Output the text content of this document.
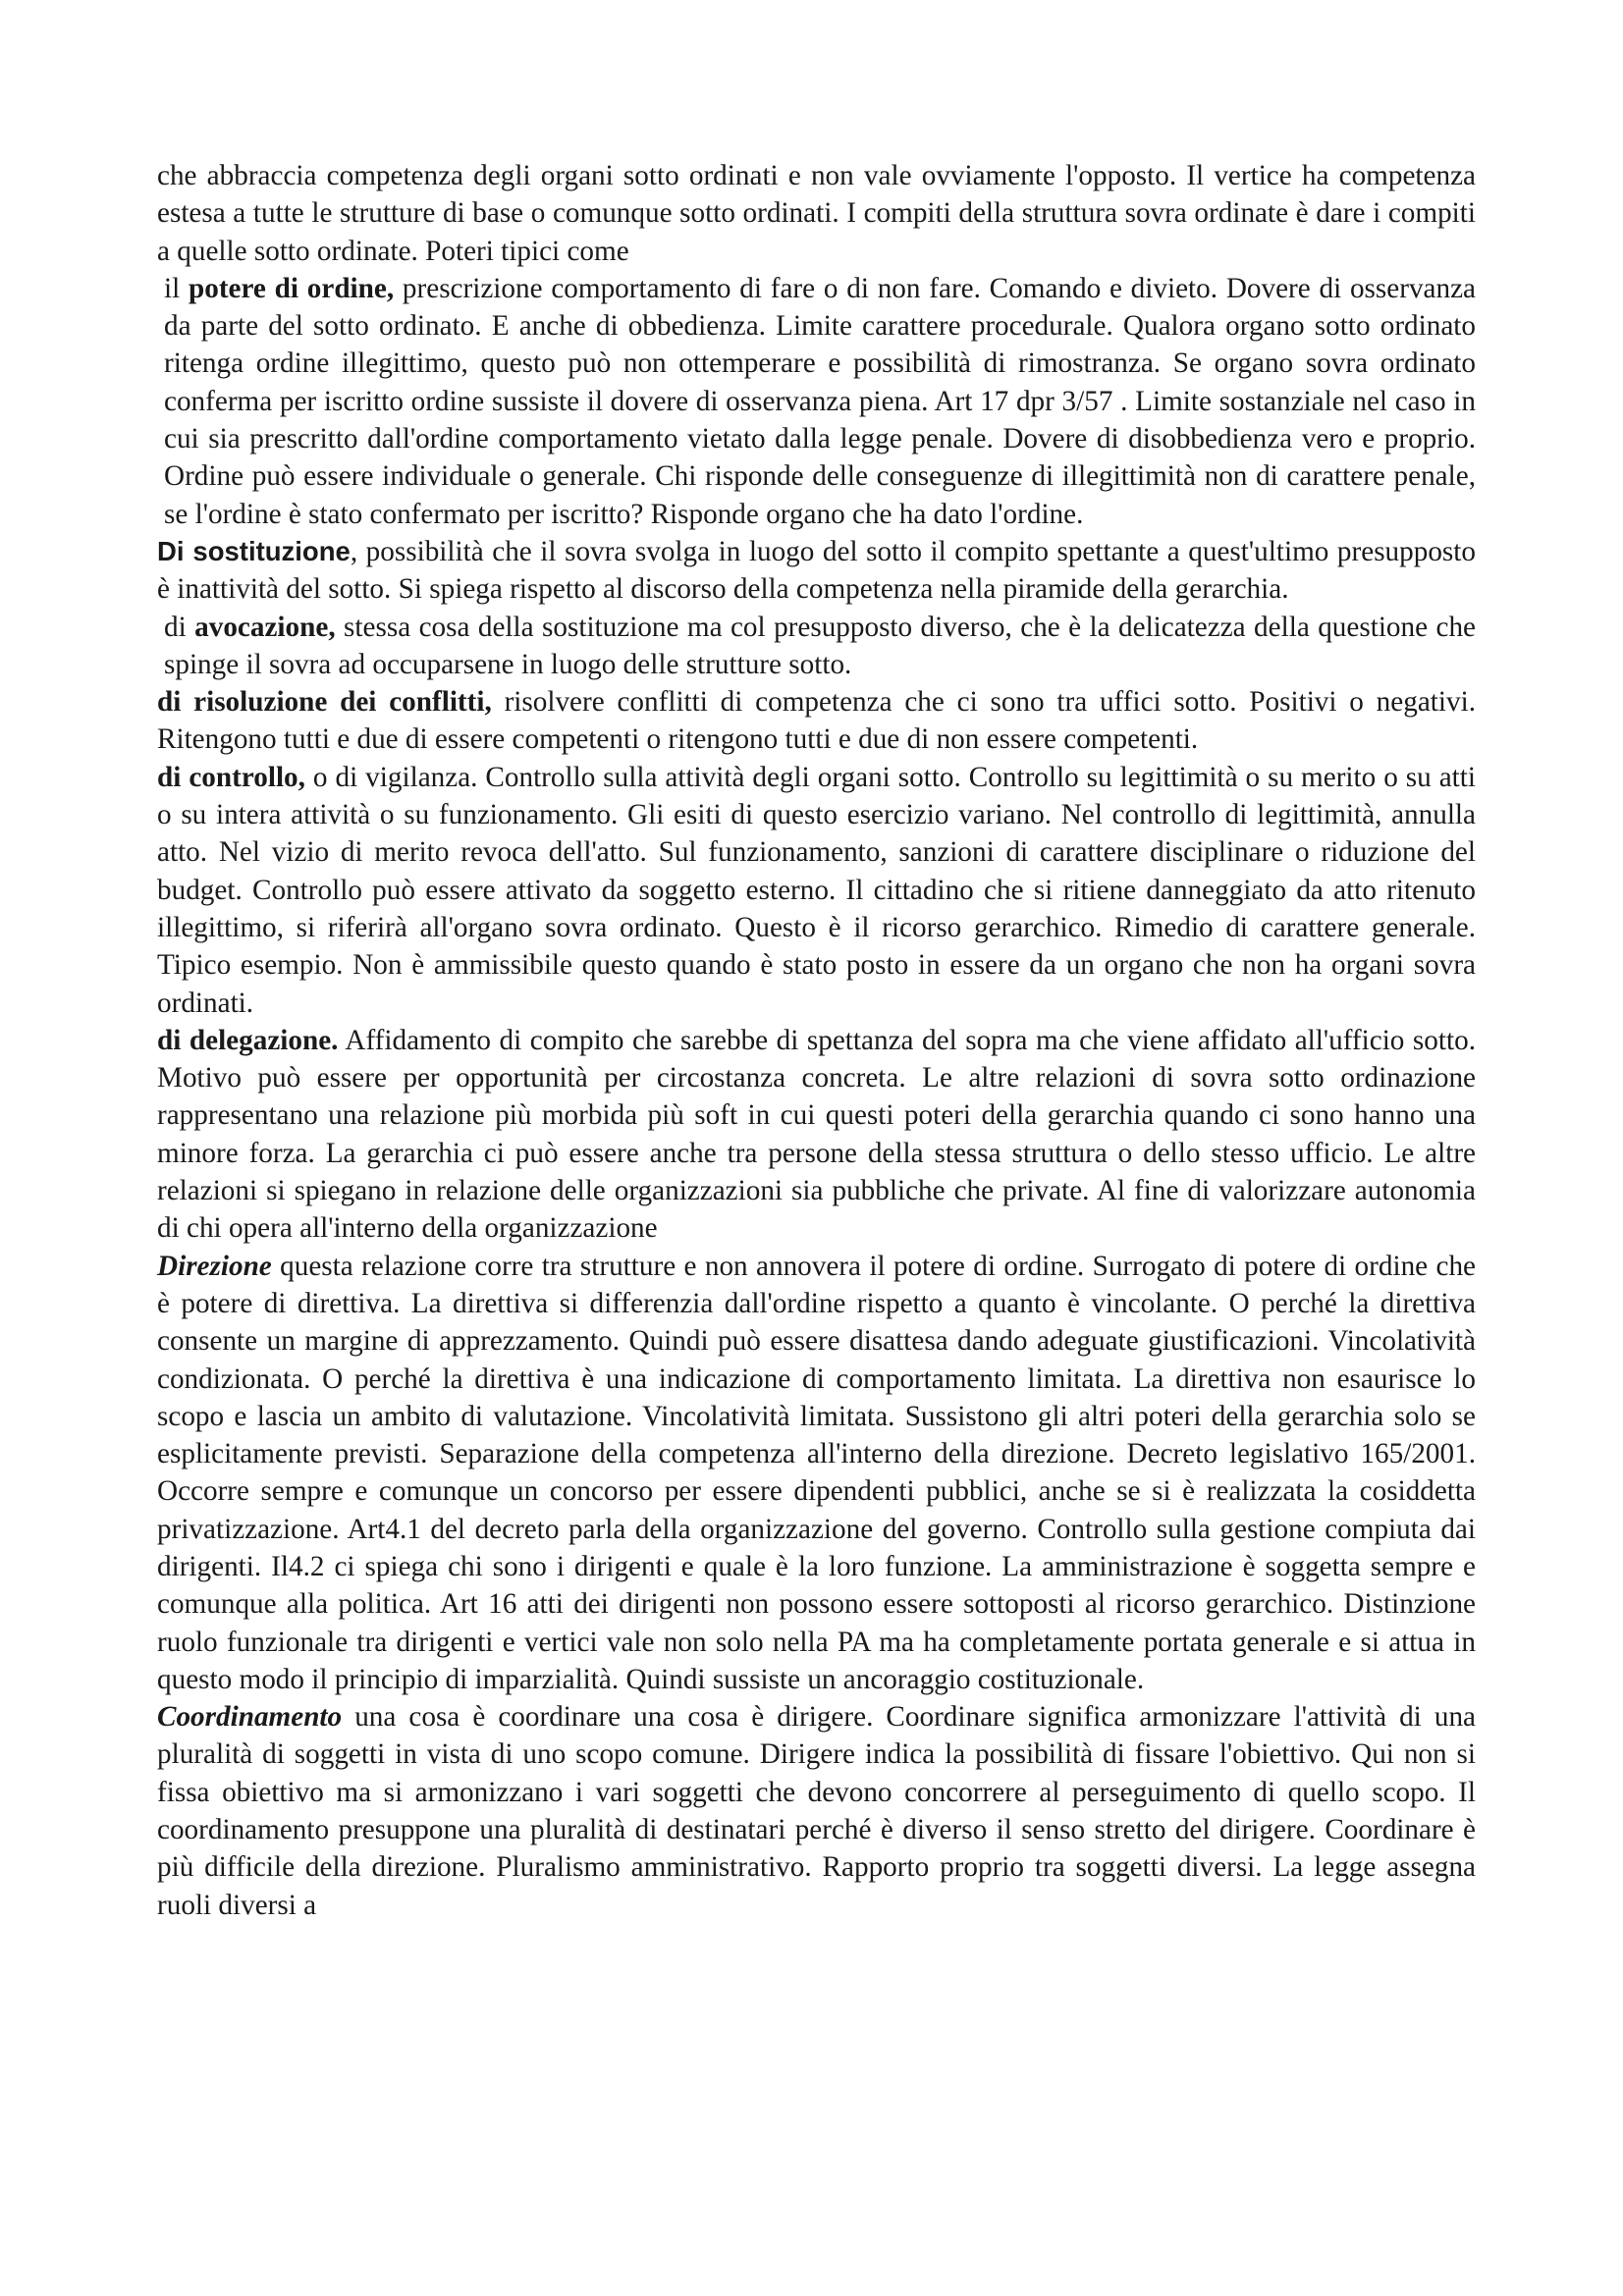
che abbraccia competenza degli organi sotto ordinati e non vale ovviamente l'opposto. Il vertice ha competenza estesa a tutte le strutture di base o comunque sotto ordinati. I compiti della struttura sovra ordinate è dare i compiti a quelle sotto ordinate. Poteri tipici come

il potere di ordine, prescrizione comportamento di fare o di non fare. Comando e divieto. Dovere di osservanza da parte del sotto ordinato. E anche di obbedienza. Limite carattere procedurale. Qualora organo sotto ordinato ritenga ordine illegittimo, questo può non ottemperare e possibilità di rimostranza. Se organo sovra ordinato conferma per iscritto ordine sussiste il dovere di osservanza piena. Art 17 dpr 3/57 . Limite sostanziale nel caso in cui sia prescritto dall'ordine comportamento vietato dalla legge penale. Dovere di disobbedienza vero e proprio. Ordine può essere individuale o generale. Chi risponde delle conseguenze di illegittimità non di carattere penale, se l'ordine è stato confermato per iscritto? Risponde organo che ha dato l'ordine.

Di sostituzione, possibilità che il sovra svolga in luogo del sotto il compito spettante a quest'ultimo presupposto è inattività del sotto. Si spiega rispetto al discorso della competenza nella piramide della gerarchia.

di avocazione, stessa cosa della sostituzione ma col presupposto diverso, che è la delicatezza della questione che spinge il sovra ad occuparsene in luogo delle strutture sotto.

di risoluzione dei conflitti, risolvere conflitti di competenza che ci sono tra uffici sotto. Positivi o negativi. Ritengono tutti e due di essere competenti o ritengono tutti e due di non essere competenti.

di controllo, o di vigilanza. Controllo sulla attività degli organi sotto. Controllo su legittimità o su merito o su atti o su intera attività o su funzionamento. Gli esiti di questo esercizio variano. Nel controllo di legittimità, annulla atto. Nel vizio di merito revoca dell'atto. Sul funzionamento, sanzioni di carattere disciplinare o riduzione del budget. Controllo può essere attivato da soggetto esterno. Il cittadino che si ritiene danneggiato da atto ritenuto illegittimo, si riferirà all'organo sovra ordinato. Questo è il ricorso gerarchico. Rimedio di carattere generale. Tipico esempio. Non è ammissibile questo quando è stato posto in essere da un organo che non ha organi sovra ordinati.

di delegazione. Affidamento di compito che sarebbe di spettanza del sopra ma che viene affidato all'ufficio sotto. Motivo può essere per opportunità per circostanza concreta. Le altre relazioni di sovra sotto ordinazione rappresentano una relazione più morbida più soft in cui questi poteri della gerarchia quando ci sono hanno una minore forza. La gerarchia ci può essere anche tra persone della stessa struttura o dello stesso ufficio. Le altre relazioni si spiegano in relazione delle organizzazioni sia pubbliche che private. Al fine di valorizzare autonomia di chi opera all'interno della organizzazione

Direzione questa relazione corre tra strutture e non annovera il potere di ordine. Surrogato di potere di ordine che è potere di direttiva. La direttiva si differenzia dall'ordine rispetto a quanto è vincolante. O perché la direttiva consente un margine di apprezzamento. Quindi può essere disattesa dando adeguate giustificazioni. Vincolatività condizionata. O perché la direttiva è una indicazione di comportamento limitata. La direttiva non esaurisce lo scopo e lascia un ambito di valutazione. Vincolatività limitata. Sussistono gli altri poteri della gerarchia solo se esplicitamente previsti. Separazione della competenza all'interno della direzione. Decreto legislativo 165/2001. Occorre sempre e comunque un concorso per essere dipendenti pubblici, anche se si è realizzata la cosiddetta privatizzazione. Art4.1 del decreto parla della organizzazione del governo. Controllo sulla gestione compiuta dai dirigenti. Il4.2 ci spiega chi sono i dirigenti e quale è la loro funzione. La amministrazione è soggetta sempre e comunque alla politica. Art 16 atti dei dirigenti non possono essere sottoposti al ricorso gerarchico. Distinzione ruolo funzionale tra dirigenti e vertici vale non solo nella PA ma ha completamente portata generale e si attua in questo modo il principio di imparzialità. Quindi sussiste un ancoraggio costituzionale.

Coordinamento una cosa è coordinare una cosa è dirigere. Coordinare significa armonizzare l'attività di una pluralità di soggetti in vista di uno scopo comune. Dirigere indica la possibilità di fissare l'obiettivo. Qui non si fissa obiettivo ma si armonizzano i vari soggetti che devono concorrere al perseguimento di quello scopo. Il coordinamento presuppone una pluralità di destinatari perché è diverso il senso stretto del dirigere. Coordinare è più difficile della direzione. Pluralismo amministrativo. Rapporto proprio tra soggetti diversi. La legge assegna ruoli diversi a
